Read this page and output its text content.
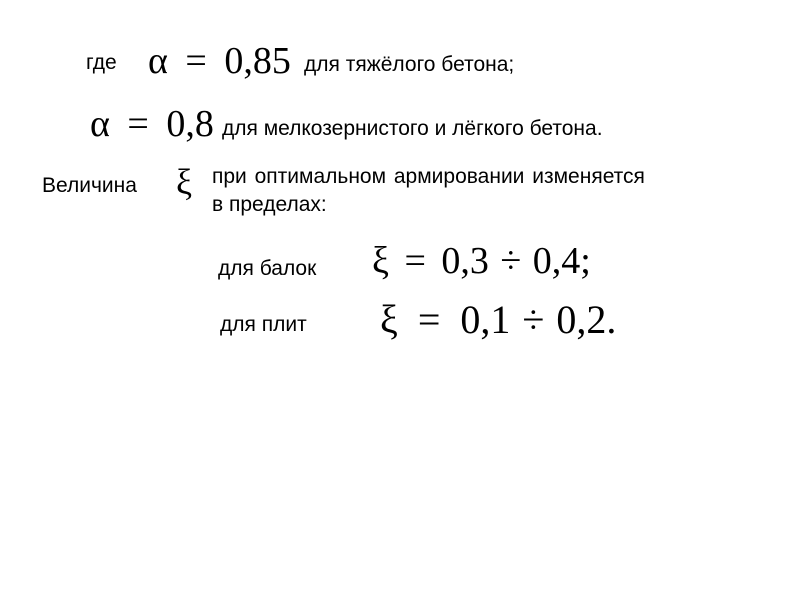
где α = 0,85 для тяжёлого бетона;
α = 0,8 для мелкозернистого и лёгкого бетона.
Величина ξ при оптимальном армировании изменяется
в пределах:
для балок ξ = 0,3 ÷ 0,4;
для плит ξ = 0,1 ÷ 0,2.
